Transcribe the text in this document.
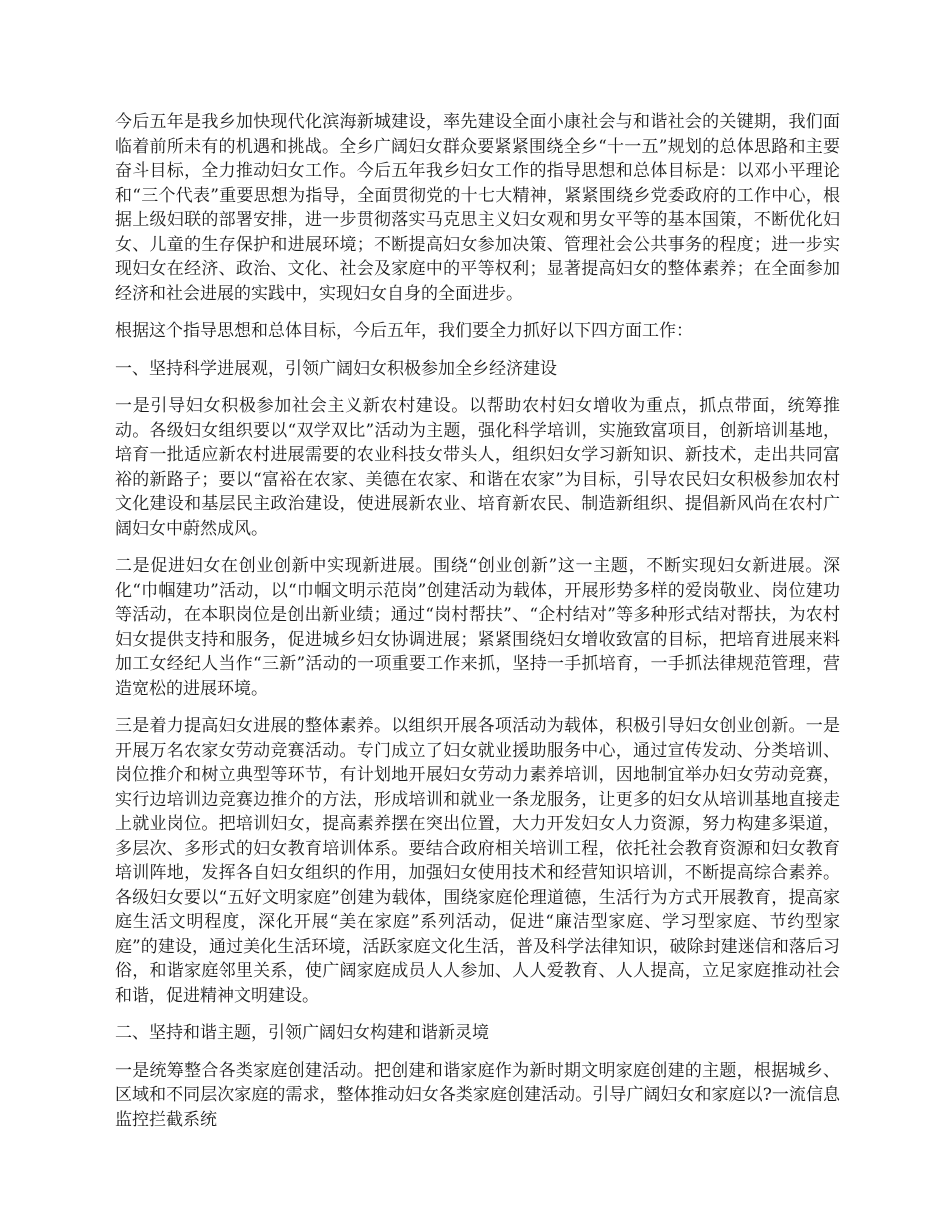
今后五年是我乡加快现代化滨海新城建设，率先建设全面小康社会与和谐社会的关键期，我们面临着前所未有的机遇和挑战。全乡广阔妇女群众要紧紧围绕全乡“十一五”规划的总体思路和主要奋斗目标，全力推动妇女工作。今后五年我乡妇女工作的指导思想和总体目标是：以邓小平理论和“三个代表”重要思想为指导，全面贯彻党的十七大精神，紧紧围绕乡党委政府的工作中心，根据上级妇联的部署安排，进一步贯彻落实马克思主义妇女观和男女平等的基本国策，不断优化妇女、儿童的生存保护和进展环境；不断提高妇女参加决策、管理社会公共事务的程度；进一步实现妇女在经济、政治、文化、社会及家庭中的平等权利；显著提高妇女的整体素养；在全面参加经济和社会进展的实践中，实现妇女自身的全面进步。

根据这个指导思想和总体目标，今后五年，我们要全力抓好以下四方面工作：

一、坚持科学进展观，引领广阔妇女积极参加全乡经济建设

一是引导妇女积极参加社会主义新农村建设。以帮助农村妇女增收为重点，抓点带面，统筹推动。各级妇女组织要以“双学双比”活动为主题，强化科学培训，实施致富项目，创新培训基地，培育一批适应新农村进展需要的农业科技女带头人，组织妇女学习新知识、新技术，走出共同富裕的新路子；要以“富裕在农家、美德在农家、和谐在农家”为目标，引导农民妇女积极参加农村文化建设和基层民主政治建设，使进展新农业、培育新农民、制造新组织、提倡新风尚在农村广阔妇女中蔚然成风。

二是促进妇女在创业创新中实现新进展。围绕“创业创新”这一主题，不断实现妇女新进展。深化“巾帼建功”活动，以“巾帼文明示范岗”创建活动为载体，开展形势多样的爱岗敬业、岗位建功等活动，在本职岗位是创出新业绩；通过“岗村帮扶”、“企村结对”等多种形式结对帮扶，为农村妇女提供支持和服务，促进城乡妇女协调进展；紧紧围绕妇女增收致富的目标，把培育进展来料加工女经纪人当作“三新”活动的一项重要工作来抓，坚持一手抓培育，一手抓法律规范管理，营造宽松的进展环境。

三是着力提高妇女进展的整体素养。以组织开展各项活动为载体，积极引导妇女创业创新。一是开展万名农家女劳动竞赛活动。专门成立了妇女就业援助服务中心，通过宣传发动、分类培训、岗位推介和树立典型等环节，有计划地开展妇女劳动力素养培训，因地制宜举办妇女劳动竞赛，实行边培训边竞赛边推介的方法，形成培训和就业一条龙服务，让更多的妇女从培训基地直接走上就业岗位。把培训妇女，提高素养摆在突出位置，大力开发妇女人力资源，努力构建多渠道，多层次、多形式的妇女教育培训体系。要结合政府相关培训工程，依托社会教育资源和妇女教育培训阵地，发挥各自妇女组织的作用，加强妇女使用技术和经营知识培训，不断提高综合素养。各级妇女要以“五好文明家庭”创建为载体，围绕家庭伦理道德，生活行为方式开展教育，提高家庭生活文明程度，深化开展“美在家庭”系列活动，促进“廉洁型家庭、学习型家庭、节约型家庭”的建设，通过美化生活环境，活跃家庭文化生活，普及科学法律知识，破除封建迷信和落后习俗，和谐家庭邻里关系，使广阔家庭成员人人参加、人人爱教育、人人提高，立足家庭推动社会和谐，促进精神文明建设。

二、坚持和谐主题，引领广阔妇女构建和谐新灵境

一是统筹整合各类家庭创建活动。把创建和谐家庭作为新时期文明家庭创建的主题，根据城乡、区域和不同层次家庭的需求，整体推动妇女各类家庭创建活动。引导广阔妇女和家庭以?一流信息监控拦截系统
